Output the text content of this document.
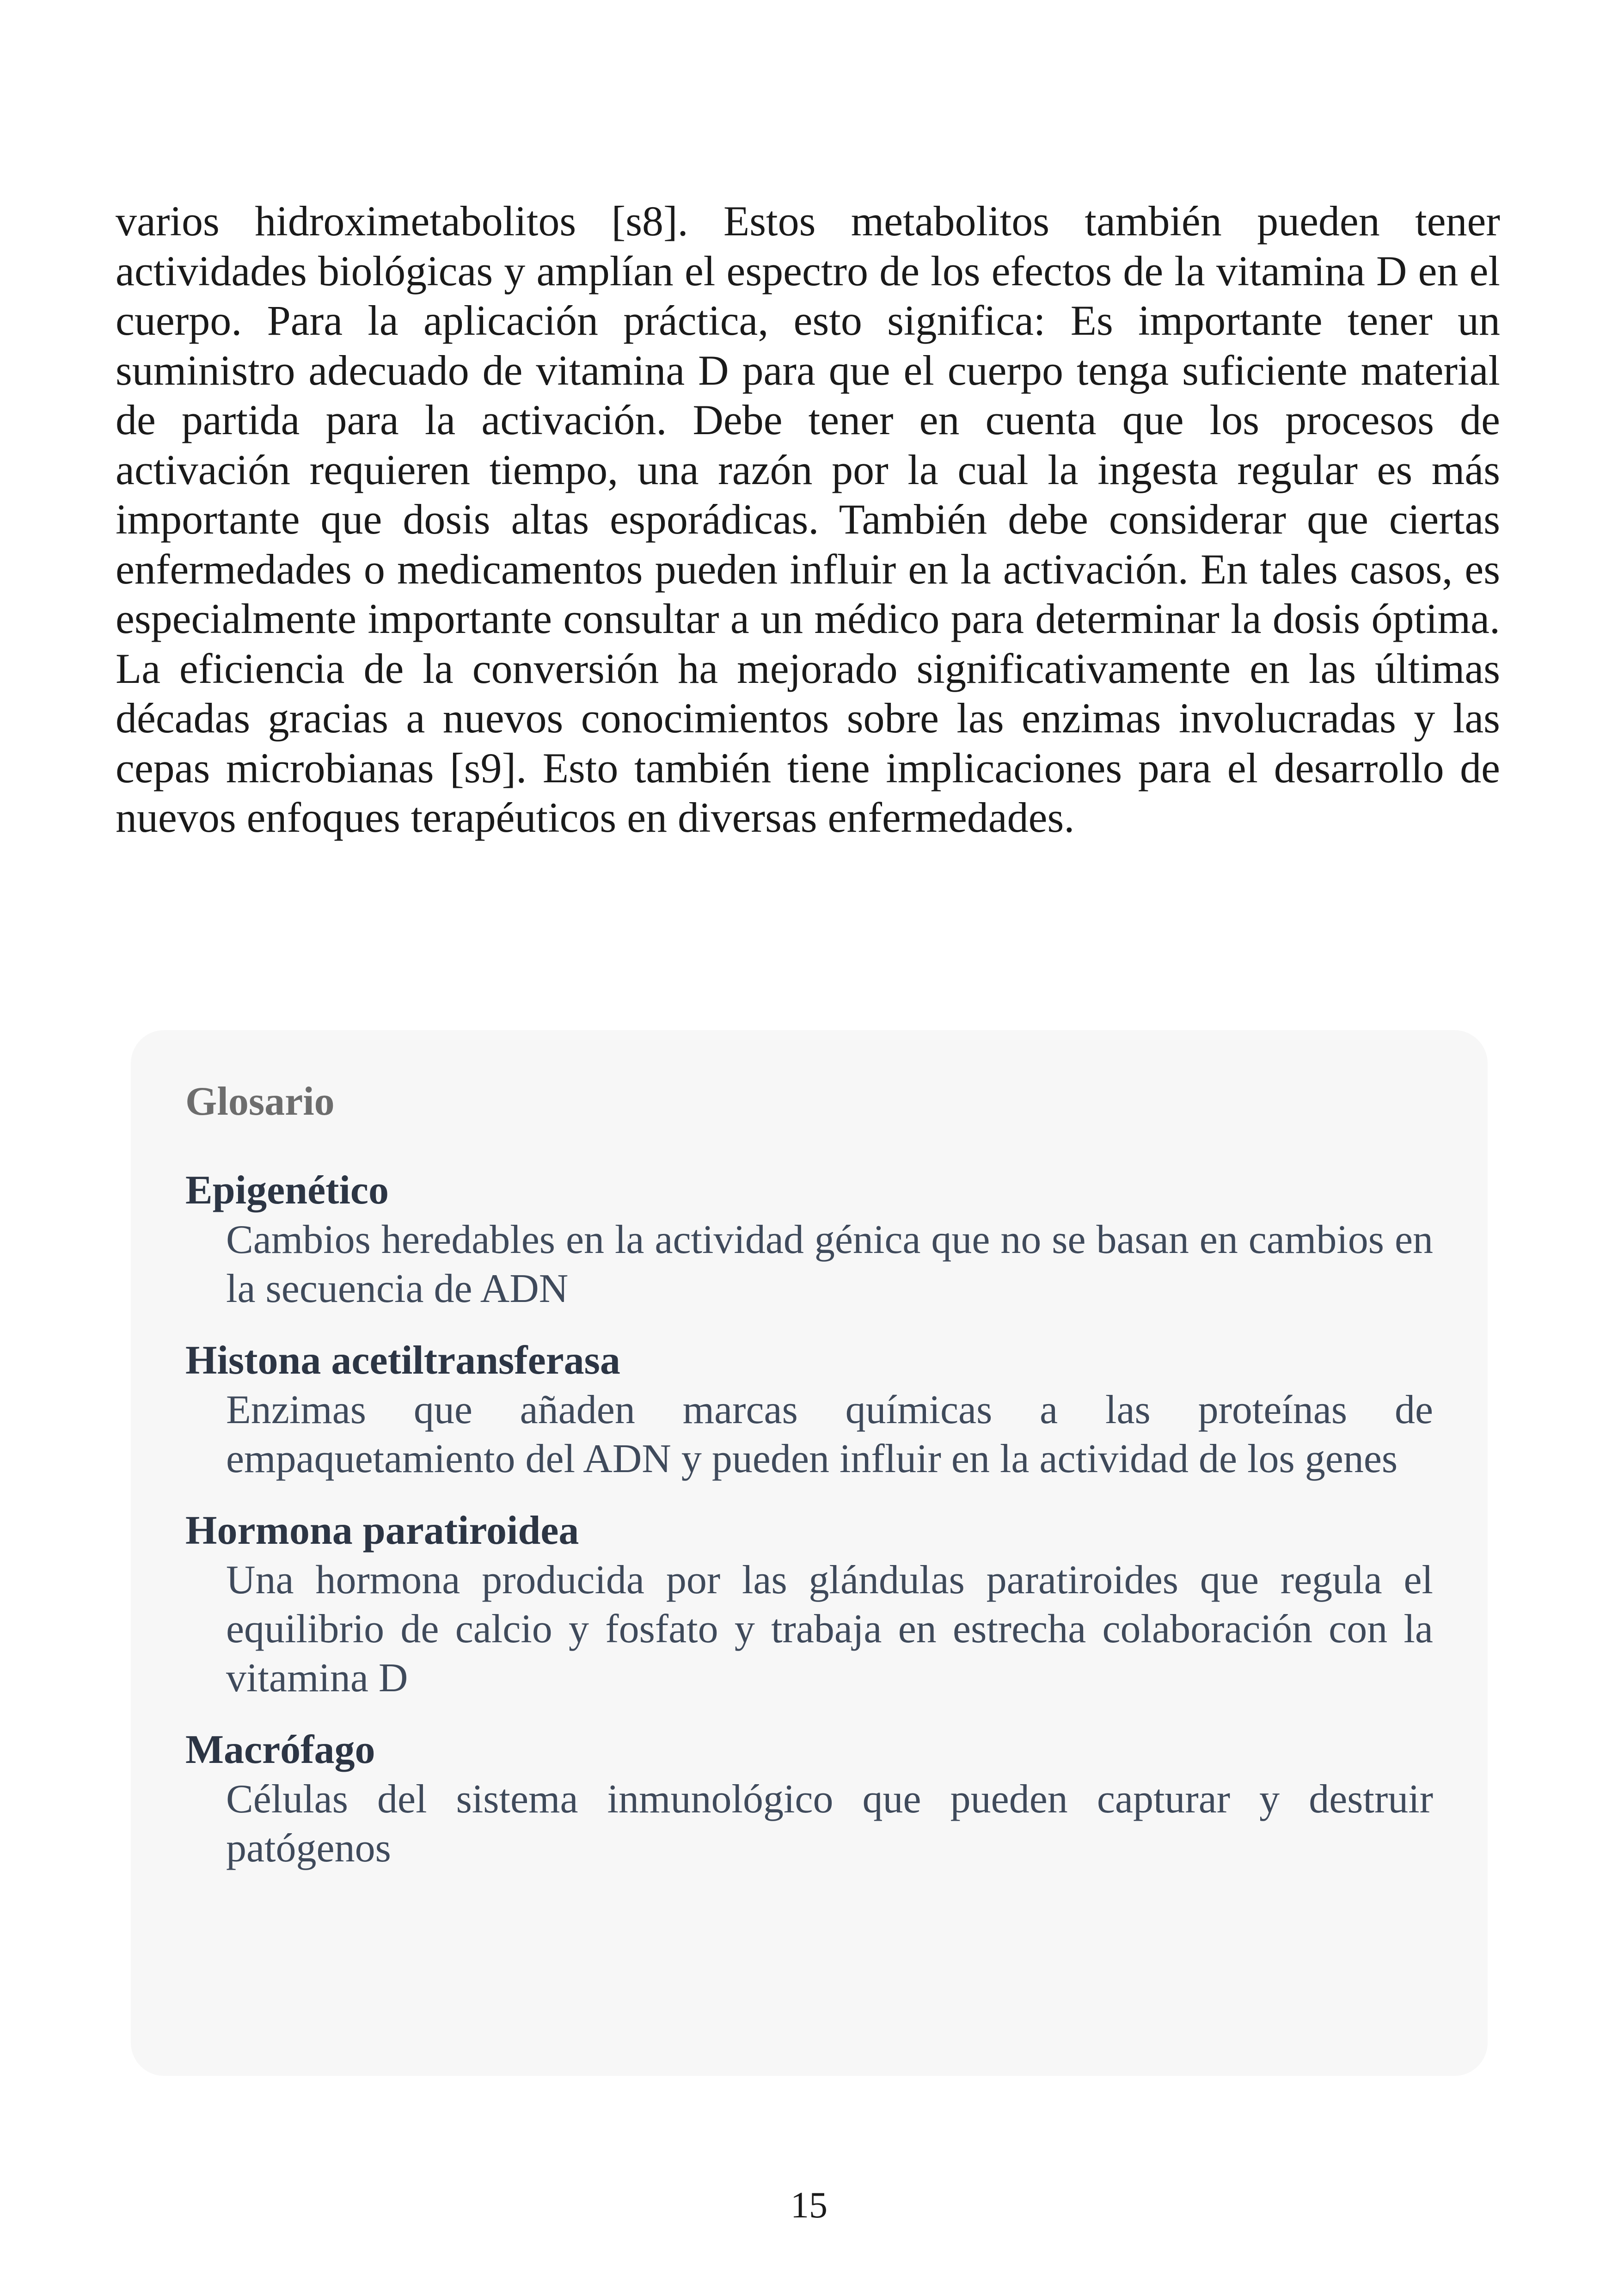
varios hidroximetabolitos [s8]. Estos metabolitos también pueden tener actividades biológicas y amplían el espectro de los efectos de la vitamina D en el cuerpo. Para la aplicación práctica, esto significa: Es importante tener un suministro adecuado de vitamina D para que el cuerpo tenga suficiente material de partida para la activación. Debe tener en cuenta que los procesos de activación requieren tiempo, una razón por la cual la ingesta regular es más importante que dosis altas esporádicas. También debe considerar que ciertas enfermedades o medicamentos pueden influir en la activación. En tales casos, es especialmente importante consultar a un médico para determinar la dosis óptima. La eficiencia de la conversión ha mejorado significativamente en las últimas décadas gracias a nuevos conocimientos sobre las enzimas involucradas y las cepas microbianas [s9]. Esto también tiene implicaciones para el desarrollo de nuevos enfoques terapéuticos en diversas enfermedades.

Glosario
Epigenético
Cambios heredables en la actividad génica que no se basan en cambios en la secuencia de ADN
Histona acetiltransferasa
Enzimas que añaden marcas químicas a las proteínas de empaquetamiento del ADN y pueden influir en la actividad de los genes
Hormona paratiroidea
Una hormona producida por las glándulas paratiroides que regula el equilibrio de calcio y fosfato y trabaja en estrecha colaboración con la vitamina D
Macrófago
Células del sistema inmunológico que pueden capturar y destruir patógenos
15
